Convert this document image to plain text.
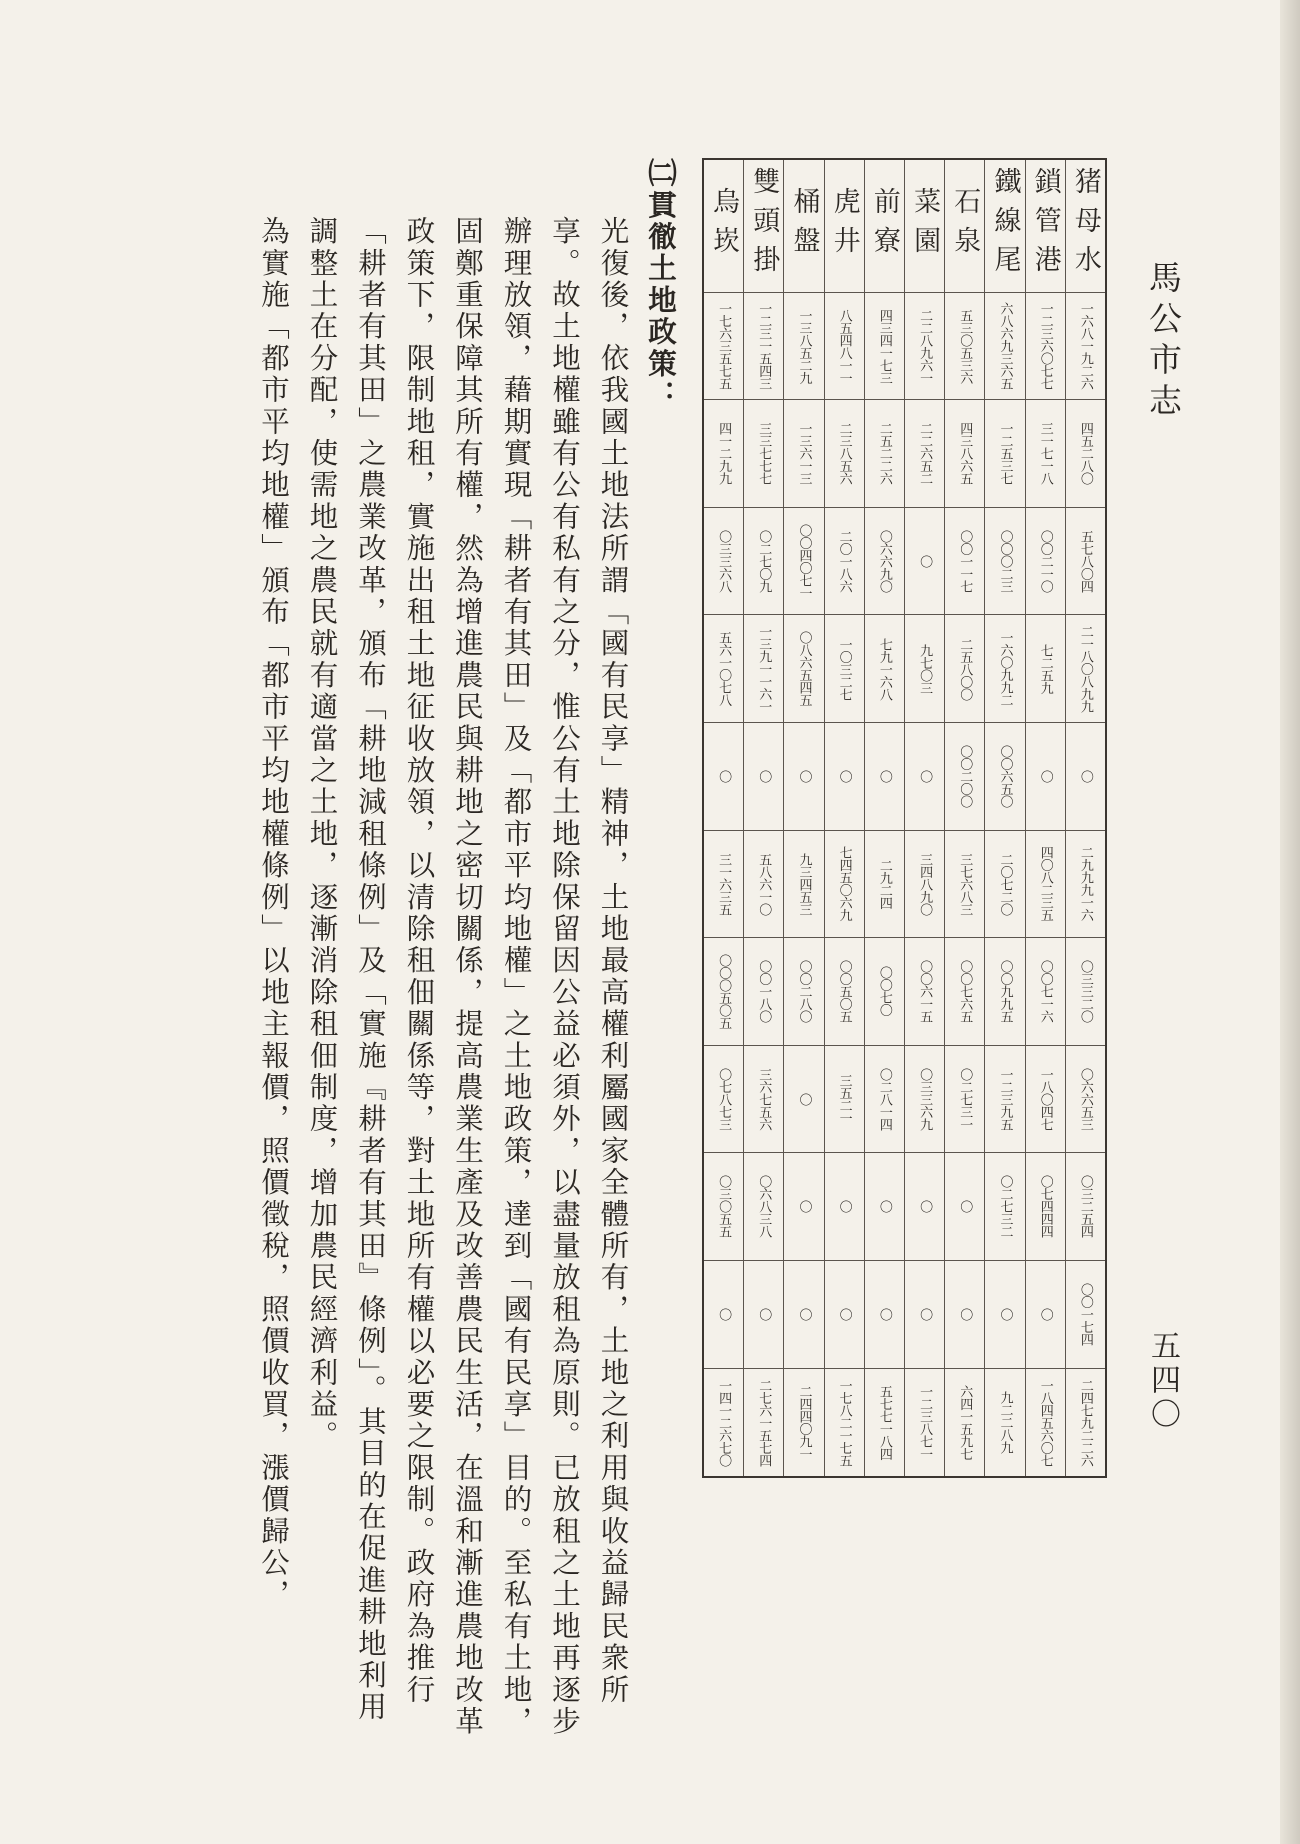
馬公市志
五四〇
猪母水
一六八一九二六
四五二八〇
五七八〇四
二一八〇八九九
〇
二九九九一六
〇三三二〇
〇六六五三
〇三二五四
〇〇一七四
二四七九二二六
鎖管港
一二三六〇七七
三一七一八
〇〇二一〇
七二五九
〇
四〇八二三五
〇〇七一六
一八〇四七
〇七四四四
〇
一八四五六〇七
鐵線尾
六八六九三六五
一二五三七
〇〇〇二三
一六〇九九二
〇〇六五〇
二〇七二〇
〇〇九九五
一二三九五
〇二七三二
〇
九二二八九
石泉
五三〇五三六
四三八六五
〇〇一一七
二五八〇〇
〇〇二〇〇
三七六八三
〇〇七六五
〇二七三一
〇
〇
六四一五九七
菜園
二二八九六一
二二六五二
〇
九七〇三
〇
三四八九〇
〇〇六一五
〇三三六九
〇
〇
一二三八七一
前寮
四三四一七三
二五二二六
〇六六九〇
七九一六八
〇
二九二四
〇〇七〇
〇二八一四
〇
〇
五七七一八四
虎井
八五四八一一
二三八五六
二〇一八六
一〇三二七
〇
七四五〇六九
〇〇五〇五
三五二一
〇
〇
一七八二一七五
桶盤
一三八五二九
一三六一三
〇〇四〇七一
〇八六五四五
〇
九三四五三
〇〇二八〇
〇
〇
〇
二四四〇九一
雙頭掛
一二三一五四三
三三七七七
〇二七〇九
一三九一一六一
〇
五八六一〇
〇〇一八〇
三六七五六
〇六八三八
〇
二七六一五七四
烏崁
一七六三五七五
四一二九九
〇三三六八
五六一〇七八
〇
三一六三五
〇〇〇五〇五
〇七八七三
〇三〇五五
〇
一四一二六七〇

㈡貫徹土地政策：

光復後，依我國土地法所謂「國有民享」精神，土地最高權利屬國家全體所有，土地之利用與收益歸民衆所享。故土地權雖有公有私有之分，惟公有土地除保留因公益必須外，以盡量放租為原則。已放租之土地再逐步辦理放領，藉期實現「耕者有其田」及「都市平均地權」之土地政策，達到「國有民享」目的。至私有土地，固鄭重保障其所有權，然為增進農民與耕地之密切關係，提高農業生產及改善農民生活，在溫和漸進農地改革政策下，限制地租，實施出租土地征收放領，以清除租佃關係等，對土地所有權以必要之限制。政府為推行「耕者有其田」之農業改革，頒布「耕地減租條例」及「實施『耕者有其田』條例」。其目的在促進耕地利用調整土在分配，使需地之農民就有適當之土地，逐漸消除租佃制度，增加農民經濟利益。

為實施「都市平均地權」頒布「都市平均地權條例」以地主報價，照價徵稅，照價收買，漲價歸公，
